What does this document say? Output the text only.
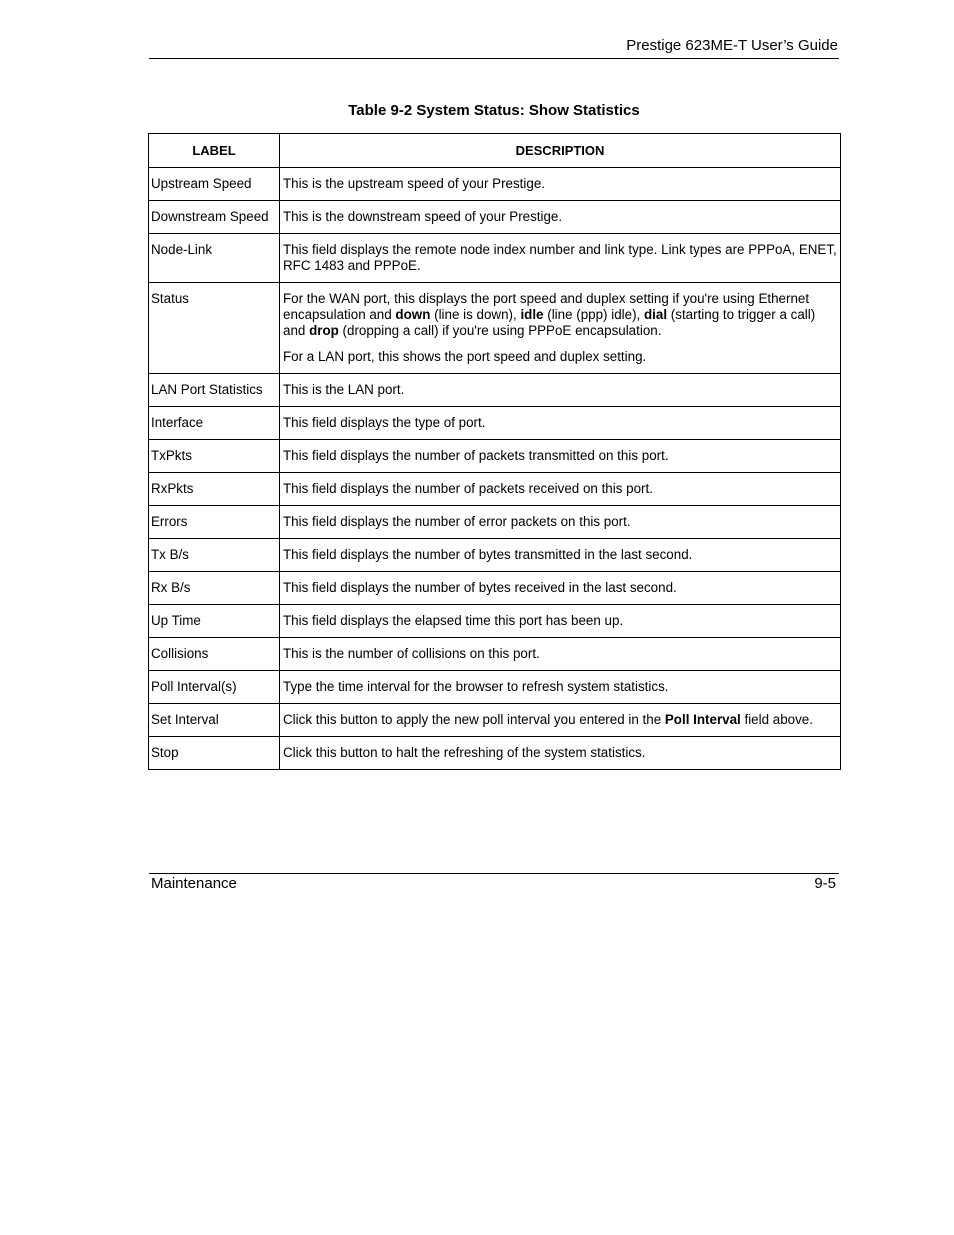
Prestige 623ME-T User’s Guide
Table 9-2 System Status: Show Statistics
LABEL	DESCRIPTION
Upstream Speed	This is the upstream speed of your Prestige.

Downstream Speed	This is the downstream speed of your Prestige.

Node-Link	This field displays the remote node index number and link type. Link types are PPPoA, ENET, RFC 1483 and PPPoE.

Status	For the WAN port, this displays the port speed and duplex setting if you're using Ethernet encapsulation and down (line is down), idle (line (ppp) idle), dial (starting to trigger a call) and drop (dropping a call) if you're using PPPoE encapsulation.

For a LAN port, this shows the port speed and duplex setting.

LAN Port Statistics	This is the LAN port.

Interface	This field displays the type of port.

TxPkts	This field displays the number of packets transmitted on this port.

RxPkts	This field displays the number of packets received on this port.

Errors	This field displays the number of error packets on this port.

Tx B/s	This field displays the number of bytes transmitted in the last second.

Rx B/s	This field displays the number of bytes received in the last second.

Up Time	This field displays the elapsed time this port has been up.

Collisions	This is the number of collisions on this port.

Poll Interval(s)	Type the time interval for the browser to refresh system statistics.

Set Interval	Click this button to apply the new poll interval you entered in the Poll Interval field above.

Stop	Click this button to halt the refreshing of the system statistics.

Maintenance	9-5
